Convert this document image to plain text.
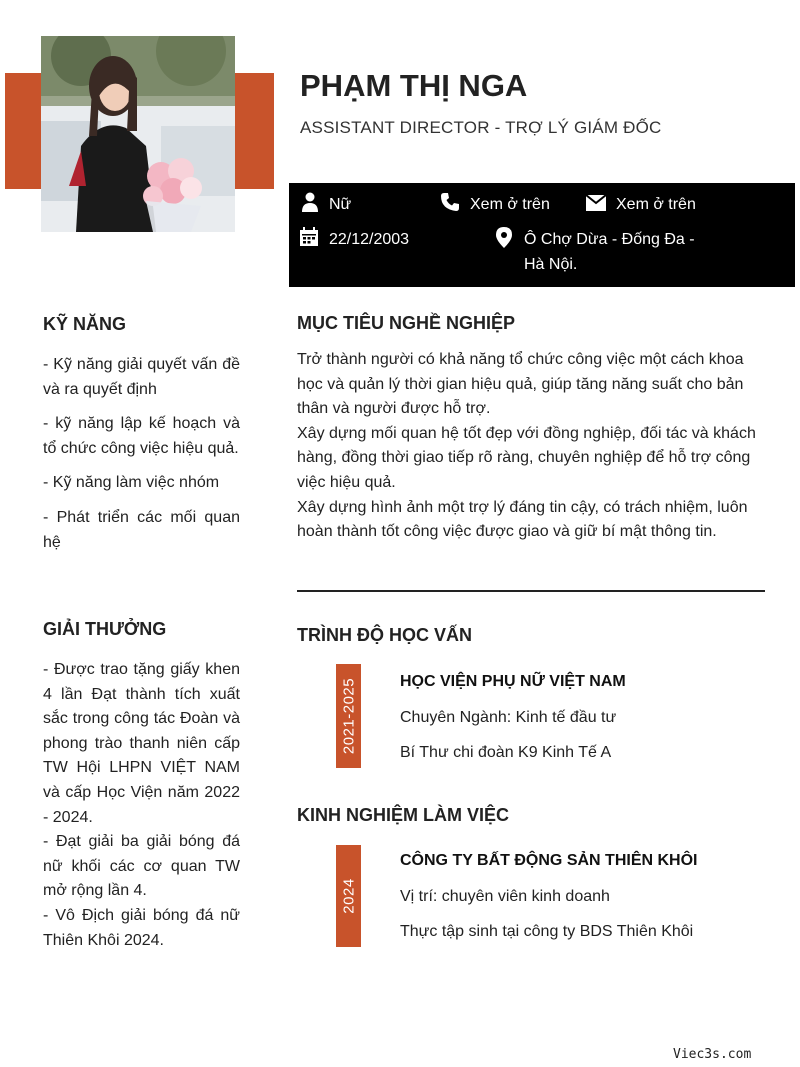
PHẠM THỊ NGA
ASSISTANT DIRECTOR - TRỢ LÝ GIÁM ĐỐC
Nữ	Xem ở trên	Xem ở trên
22/12/2003	Ô Chợ Dừa - Đống Đa -
Hà Nội.
KỸ NĂNG

- Kỹ năng giải quyết vấn đề và ra quyết định

- kỹ năng lập kế hoạch và tổ chức công việc hiệu quả.

- Kỹ năng làm việc nhóm

- Phát triển các mối quan hệ

GIẢI THƯỞNG

- Được trao tặng giấy khen 4 lần Đạt thành tích xuất sắc trong công tác Đoàn và phong trào thanh niên cấp TW Hội LHPN VIỆT NAM và cấp Học Viện năm 2022 - 2024.

- Đạt giải ba giải bóng đá nữ khối các cơ quan TW mở rộng lần 4.

- Vô Địch giải bóng đá nữ Thiên Khôi 2024.

MỤC TIÊU NGHỀ NGHIỆP

Trở thành người có khả năng tổ chức công việc một cách khoa học và quản lý thời gian hiệu quả, giúp tăng năng suất cho bản thân và người được hỗ trợ.

Xây dựng mối quan hệ tốt đẹp với đồng nghiệp, đối tác và khách hàng, đồng thời giao tiếp rõ ràng, chuyên nghiệp để hỗ trợ công việc hiệu quả.

Xây dựng hình ảnh một trợ lý đáng tin cậy, có trách nhiệm, luôn hoàn thành tốt công việc được giao và giữ bí mật thông tin.

TRÌNH ĐỘ HỌC VẤN
2021-2025	HỌC VIỆN PHỤ NỮ VIỆT NAM
Chuyên Ngành: Kinh tế đầu tư
Bí Thư chi đoàn K9 Kinh Tế A
KINH NGHIỆM LÀM VIỆC
2024
CÔNG TY BẤT ĐỘNG SẢN THIÊN KHÔI
Vị trí: chuyên viên kinh doanh
Thực tập sinh tại công ty BDS Thiên Khôi
Viec3s.com
